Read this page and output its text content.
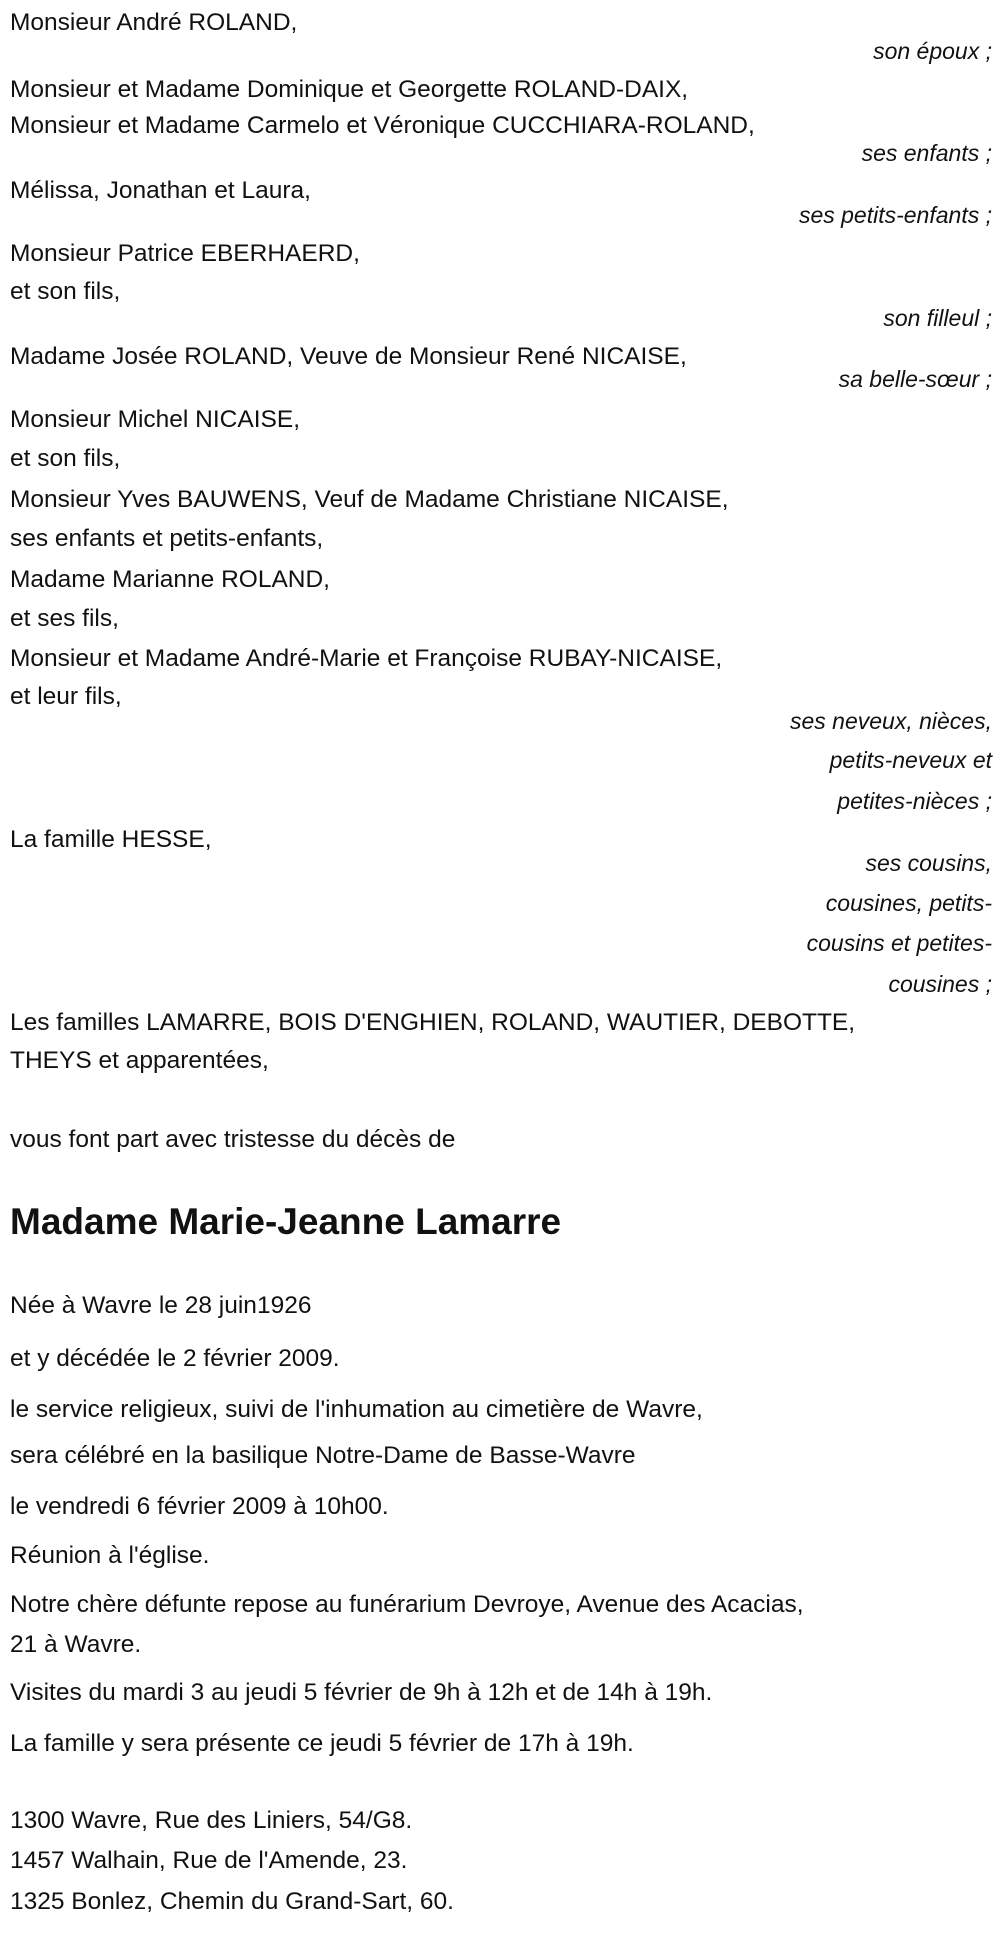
Monsieur André ROLAND,
son époux ;
Monsieur et Madame Dominique et Georgette ROLAND-DAIX,
Monsieur et Madame Carmelo et Véronique CUCCHIARA-ROLAND,
ses enfants ;
Mélissa, Jonathan et Laura,
ses petits-enfants ;
Monsieur Patrice EBERHAERD,
et son fils,
son filleul ;
Madame Josée ROLAND, Veuve de Monsieur René NICAISE,
sa belle-sœur ;
Monsieur Michel NICAISE,
et son fils,
Monsieur Yves BAUWENS, Veuf de Madame Christiane NICAISE,
ses enfants et petits-enfants,
Madame Marianne ROLAND,
et ses fils,
Monsieur et Madame André-Marie et Françoise RUBAY-NICAISE,
et leur fils,
ses neveux, nièces,
petits-neveux et
petites-nièces ;
La famille HESSE,
ses cousins,
cousines, petits-
cousins et petites-
cousines ;
Les familles LAMARRE, BOIS D'ENGHIEN, ROLAND, WAUTIER, DEBOTTE,
THEYS et apparentées,
vous font part avec tristesse du décès de
Madame Marie-Jeanne Lamarre
Née à Wavre le 28 juin1926
et y décédée le 2 février 2009.
le service religieux, suivi de l'inhumation au cimetière de Wavre,
sera célébré en la basilique Notre-Dame de Basse-Wavre
le vendredi 6 février 2009 à 10h00.
Réunion à l'église.
Notre chère défunte repose au funérarium Devroye, Avenue des Acacias,
21 à Wavre.
Visites du mardi 3 au jeudi 5 février de 9h à 12h et de 14h à 19h.
La famille y sera présente ce jeudi 5 février de 17h à 19h.
1300 Wavre, Rue des Liniers, 54/G8.
1457 Walhain, Rue de l'Amende, 23.
1325 Bonlez, Chemin du Grand-Sart, 60.
